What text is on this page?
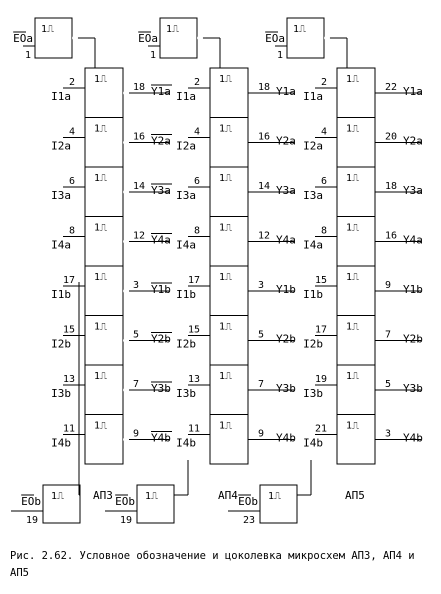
1⎍
1⎍
1⎍
1⎍
1⎍
1⎍
1⎍
1⎍
1⎍
EOa
1
1⎍
EOb
19
2
I1a
4
I2a
6
I3a
8
I4a
17
I1b
15
I2b
13
I3b
11
I4b
18 Y1a
16 Y2a
14 Y3a
12 Y4a
3 Y1b
5 Y2b
7 Y3b
9 Y4b
АП3
1⎍
1⎍
1⎍
1⎍
1⎍
1⎍
1⎍
1⎍
1⎍
EOa
1
1⎍
EOb
19
2
I1a
4
I2a
6
I3a
8
I4a
17
I1b
15
I2b
13
I3b
11
I4b
18 Y1a
16 Y2a
14 Y3a
12 Y4a
3 Y1b
5 Y2b
7 Y3b
9 Y4b
АП4
1⎍
1⎍
1⎍
1⎍
1⎍
1⎍
1⎍
1⎍
1⎍
EOa
1
1⎍
EOb
23
2
I1a
4
I2a
6
I3a
8
I4a
15
I1b
17
I2b
19
I3b
21
I4b
22 Y1a
20 Y2a
18 Y3a
16 Y4a
9 Y1b
7 Y2b
5 Y3b
3 Y4b
АП5

Рис. 2.62. Условное обозначение и цоколевка микросхем АП3, АП4 и АП5
